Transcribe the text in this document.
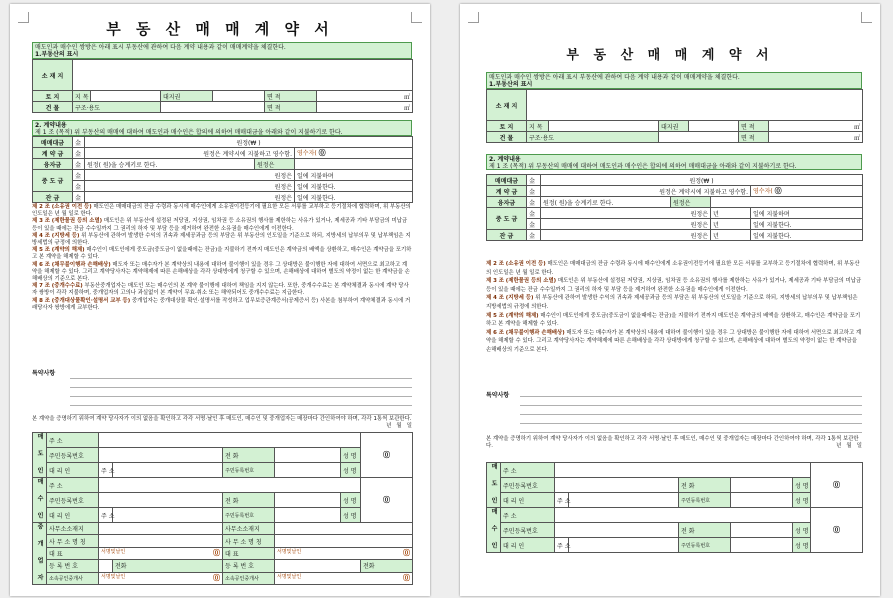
부 동 산 매 매 계 약 서
매도인과 매수인 쌍방은 아래 표시 부동산에 관하여 다음 계약 내용과 같이 매매계약을 체결한다.
1.부동산의 표시
소 재 지						
토 지	지 목		대지권		면 적	㎡
건 물	구조·용도				면 적	㎡
2. 계약내용
제 1 조 (목적) 위 부동산의 매매에 대하여 매도인과 매수인은 합의에 의하여 매매대금을 아래와 같이 지불하기로 한다.
매매대금	金	원정(₩ )		
계 약 금	金	원정은 계약시에 지불하고 영수함.		영수자( ⓪
융자금	金	원정( 원)을 승계키로 한다.	원정은	
중 도 금	金	원정은		일에 지불하며
	金	원정은		일에 지불한다.
잔 금	金	원정은		일에 지불한다.

제 2 조 (소유권 이전 등) 매도인은 매매대금의 잔금 수령과 동시에 매수인에게 소유권이전등기에 필요한 모든 서류를 교부하고 등기절차에 협력하며, 위 부동산의 인도일은 년 월 일로 한다.

제 3 조 (제한물권 등의 소멸) 매도인은 위 부동산에 설정된 저당권, 지상권, 임차권 등 소유권의 행사를 제한하는 사유가 있거나, 제세공과 기타 부담금의 미납금 등이 있을 때에는 잔금 수수일까지 그 권리의 하자 및 부담 등을 제거하여 완전한 소유권을 매수인에게 이전한다.

제 4 조 (지방세 등) 위 부동산에 관하여 발생한 수익의 귀속과 제세공과금 등의 부담은 위 부동산의 인도일을 기준으로 하되, 지방세의 납부의무 및 납부책임은 지방세법의 규정에 의한다.

제 5 조 (계약의 해제) 매수인이 매도인에게 중도금(중도금이 없을때에는 잔금)을 지불하기 전까지 매도인은 계약금의 배액을 상환하고, 매수인은 계약금을 포기하고 본 계약을 해제할 수 있다.

제 6 조 (채무불이행과 손해배상) 매도자 또는 매수자가 본 계약상의 내용에 대하여 불이행이 있을 경우 그 상대방은 불이행한 자에 대하여 서면으로 최고하고 계약을 해제할 수 있다. 그리고 계약당사자는 계약해제에 따른 손해배상을 각각 상대방에게 청구할 수 있으며, 손해배상에 대하여 별도의 약정이 없는 한 계약금을 손해배상의 기준으로 본다.

제 7 조 (중개수수료) 부동산중개업자는 매도인 또는 매수인의 본 계약 불이행에 대하여 책임을 지지 않는다. 또한, 중개수수료는 본 계약체결과 동시에 계약 당사자 쌍방이 각각 지불하며, 중개업자의 고의나 과실없이 본 계약이 무효·취소 또는 해약되어도 중개수수료는 지급한다.

제 8 조 (중개대상물확인·설명서 교부 등) 중개업자는 중개대상물 확인·설명서를 작성하고 업무보증관계증서(공제증서 등) 사본을 첨부하여 계약체결과 동시에 거래당사자 쌍방에게 교부한다.

특약사항
본 계약을 증명하기 위하여 계약 당사자가 이의 없음을 확인하고 각각 서명·날인 후 매도인, 매수인 및 중개업자는 매장마다 간인하여야 하며, 각각 1통씩 보관한다.
년 월 일
매 도 인	주 소						⓪
	주민등록번호			전 화		성 명	
	대 리 인	주 소		주민등록번호		성 명	
매 수 인	주 소						⓪
	주민등록번호			전 화		성 명	
	대 리 인	주 소		주민등록번호		성 명	
중 개 업 자	사무소소재지			사무소소재지			
	사 무 소 명 칭			사 무 소 명 칭			
	대 표	서명및날인 ⓪		대 표	서명및날인 ⓪		

	등 록 번 호		전화	등 록 번 호			전화
	소속공인중개사	서명및날인 ⓪		소속공인중개사	서명및날인 ⓪		
부 동 산 매 매 계 약 서
매도인과 매수인 쌍방은 아래 표시 부동산에 관하여 다음 계약 내용과 같이 매매계약을 체결한다.
1.부동산의 표시
소 재 지						
토 지	지 목		대지권		면 적	㎡
건 물	구조·용도				면 적	㎡
2. 계약내용
제 1 조 (목적) 위 부동산의 매매에 대하여 매도인과 매수인은 합의에 의하여 매매대금을 아래와 같이 지불하기로 한다.
매매대금	金	원정(₩ )			
계 약 금	金	원정은 계약시에 지불하고 영수함.			영수자( ⓪
융자금	金	원정( 원)을 승계키로 한다.	원정은		
중 도 금	金	원정은		년	일에 지불하며
	金	원정은		년	일에 지불한다.
잔 금	金	원정은		년	일에 지불한다.

제 2 조 (소유권 이전 등) 매도인은 매매대금의 잔금 수령과 동시에 매수인에게 소유권이전등기에 필요한 모든 서류를 교부하고 등기절차에 협력하며, 위 부동산의 인도일은 년 월 일로 한다.

제 3 조 (제한물권 등의 소멸) 매도인은 위 부동산에 설정된 저당권, 지상권, 임차권 등 소유권의 행사를 제한하는 사유가 있거나, 제세공과 기타 부담금의 미납금 등이 있을 때에는 잔금 수수일까지 그 권리의 하자 및 부담 등을 제거하여 완전한 소유권을 매수인에게 이전한다.

제 4 조 (지방세 등) 위 부동산에 관하여 발생한 수익의 귀속과 제세공과금 등의 부담은 위 부동산의 인도일을 기준으로 하되, 지방세의 납부의무 및 납부책임은 지방세법의 규정에 의한다.

제 5 조 (계약의 해제) 매수인이 매도인에게 중도금(중도금이 없을때에는 잔금)을 지불하기 전까지 매도인은 계약금의 배액을 상환하고, 매수인은 계약금을 포기하고 본 계약을 해제할 수 있다.

제 6 조 (채무불이행과 손해배상) 매도자 또는 매수자가 본 계약상의 내용에 대하여 불이행이 있을 경우 그 상대방은 불이행한 자에 대하여 서면으로 최고하고 계약을 해제할 수 있다. 그리고 계약당사자는 계약해제에 따른 손해배상을 각각 상대방에게 청구할 수 있으며, 손해배상에 대하여 별도의 약정이 없는 한 계약금을 손해배상의 기준으로 본다.

특약사항
본 계약을 증명하기 위하여 계약 당사자가 이의 없음을 확인하고 각각 서명·날인 후 매도인, 매수인 및 중개업자는 매장마다 간인하여야 하며, 각각 1통씩 보관한다.	년 월 일
매 도 인	주 소						⓪
	주민등록번호			전 화		성 명	
	대 리 인	주 소		주민등록번호		성 명	
매 수 인	주 소						⓪
	주민등록번호			전 화		성 명	
	대 리 인	주 소		주민등록번호		성 명	
